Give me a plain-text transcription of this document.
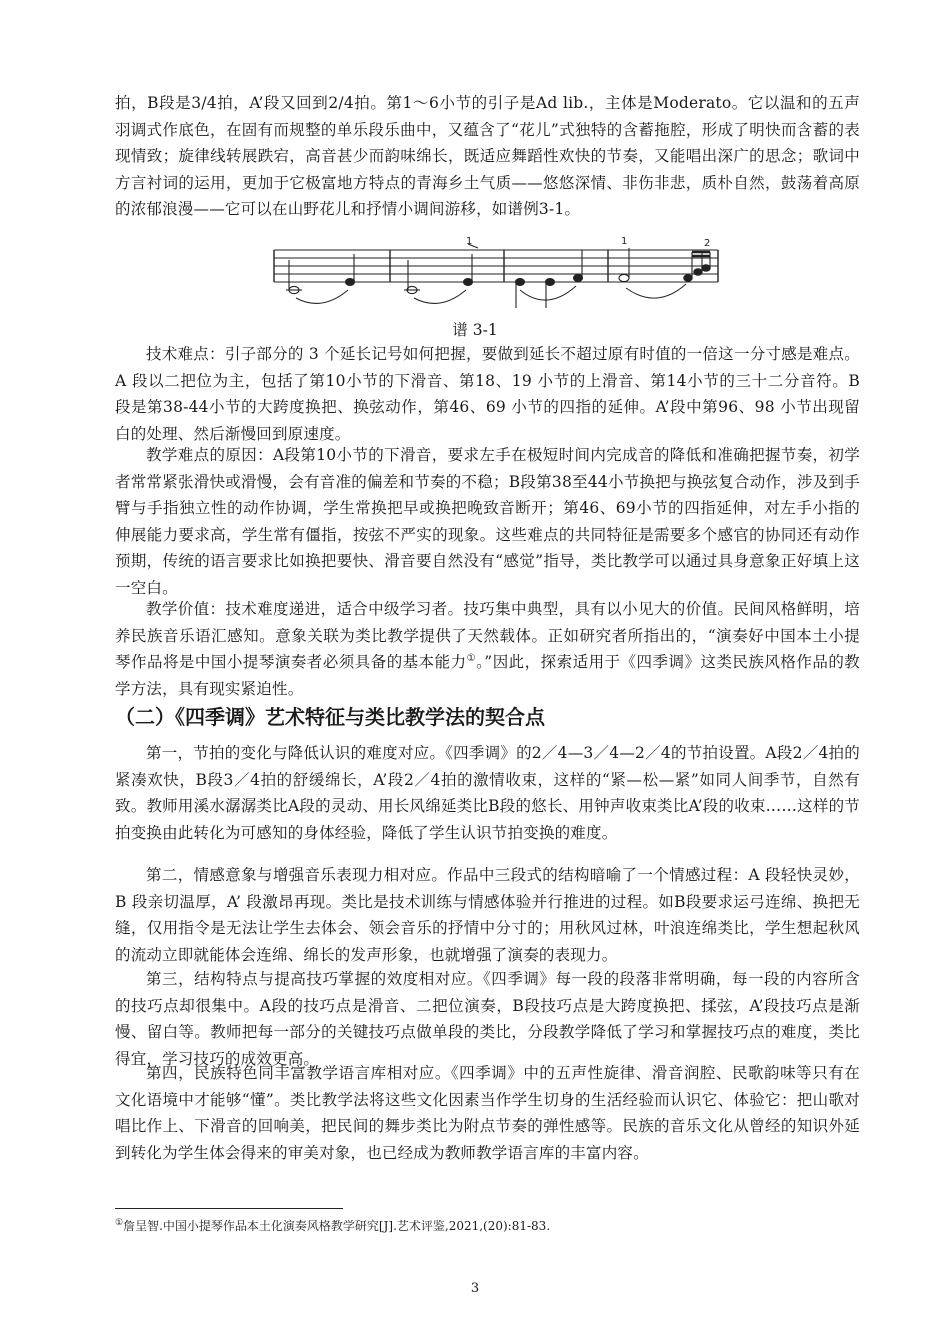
拍，B段是3/4拍，A’段又回到2/4拍。第1～6小节的引子是Ad lib.，主体是Moderato。它以温和的五声羽调式作底色，在固有而规整的单乐段乐曲中，又蕴含了“花儿”式独特的含蓄拖腔，形成了明快而含蓄的表现情致；旋律线转展跌宕，高音甚少而韵味绵长，既适应舞蹈性欢快的节奏，又能唱出深广的思念；歌词中方言衬词的运用，更加于它极富地方特点的青海乡土气质——悠悠深情、非伤非悲，质朴自然，鼓荡着高原的浓郁浪漫——它可以在山野花儿和抒情小调间游移，如谱例3-1。

1	1	2
谱 3-1

技术难点：引子部分的 3 个延长记号如何把握，要做到延长不超过原有时值的一倍这一分寸感是难点。A 段以二把位为主，包括了第10小节的下滑音、第18、19 小节的上滑音、第14小节的三十二分音符。B 段是第38-44小节的大跨度换把、换弦动作，第46、69 小节的四指的延伸。A’段中第96、98 小节出现留白的处理、然后渐慢回到原速度。

教学难点的原因：A段第10小节的下滑音，要求左手在极短时间内完成音的降低和准确把握节奏，初学者常常紧张滑快或滑慢，会有音准的偏差和节奏的不稳；B段第38至44小节换把与换弦复合动作，涉及到手臂与手指独立性的动作协调，学生常换把早或换把晚致音断开；第46、69小节的四指延伸，对左手小指的伸展能力要求高，学生常有僵指，按弦不严实的现象。这些难点的共同特征是需要多个感官的协同还有动作预期，传统的语言要求比如换把要快、滑音要自然没有“感觉”指导，类比教学可以通过具身意象正好填上这一空白。

教学价值：技术难度递进，适合中级学习者。技巧集中典型，具有以小见大的价值。民间风格鲜明，培养民族音乐语汇感知。意象关联为类比教学提供了天然载体。正如研究者所指出的，“演奏好中国本土小提琴作品将是中国小提琴演奏者必须具备的基本能力①。”因此，探索适用于《四季调》这类民族风格作品的教学方法，具有现实紧迫性。

（二）《四季调》艺术特征与类比教学法的契合点

第一，节拍的变化与降低认识的难度对应。《四季调》的2／4—3／4—2／4的节拍设置。A段2／4拍的紧凑欢快，B段3／4拍的舒缓绵长，A’段2／4拍的激情收束，这样的“紧—松—紧”如同人间季节，自然有致。教师用溪水潺潺类比A段的灵动、用长风绵延类比B段的悠长、用钟声收束类比A’段的收束……这样的节拍变换由此转化为可感知的身体经验，降低了学生认识节拍变换的难度。

第二，情感意象与增强音乐表现力相对应。作品中三段式的结构暗喻了一个情感过程：A 段轻快灵妙，B 段亲切温厚，A’ 段激昂再现。类比是技术训练与情感体验并行推进的过程。如B段要求运弓连绵、换把无缝，仅用指令是无法让学生去体会、领会音乐的抒情中分寸的；用秋风过林，叶浪连绵类比，学生想起秋风的流动立即就能体会连绵、绵长的发声形象，也就增强了演奏的表现力。

第三，结构特点与提高技巧掌握的效度相对应。《四季调》每一段的段落非常明确，每一段的内容所含的技巧点却很集中。A段的技巧点是滑音、二把位演奏，B段技巧点是大跨度换把、揉弦，A’段技巧点是渐慢、留白等。教师把每一部分的关键技巧点做单段的类比，分段教学降低了学习和掌握技巧点的难度，类比得宜，学习技巧的成效更高。

第四，民族特色同丰富教学语言库相对应。《四季调》中的五声性旋律、滑音润腔、民歌韵味等只有在文化语境中才能够“懂”。类比教学法将这些文化因素当作学生切身的生活经验而认识它、体验它：把山歌对唱比作上、下滑音的回响美，把民间的舞步类比为附点节奏的弹性感等。民族的音乐文化从曾经的知识外延到转化为学生体会得来的审美对象，也已经成为教师教学语言库的丰富内容。

①詹呈智.中国小提琴作品本土化演奏风格教学研究[J].艺术评鉴,2021,(20):81-83.

3
